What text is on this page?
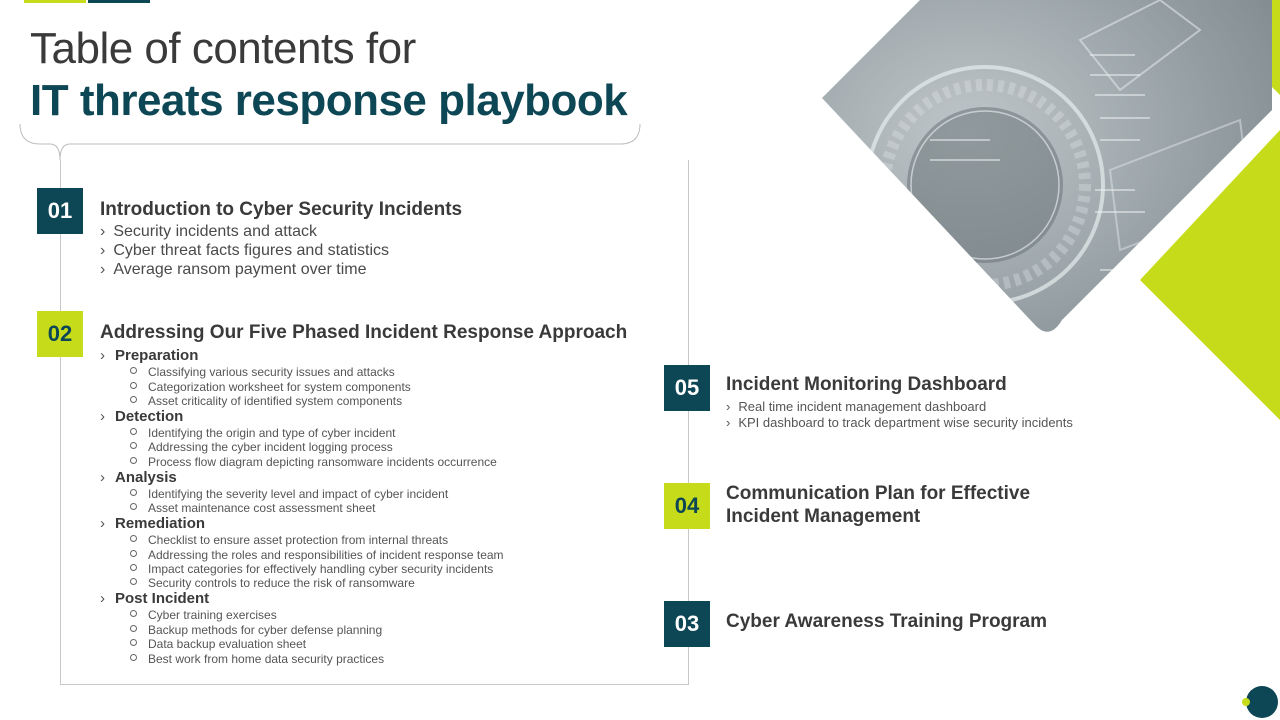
Table of contents for
IT threats response playbook
01	Introduction to Cyber Security Incidents
› Security incidents and attack
› Cyber threat facts figures and statistics
› Average ransom payment over time
02	Addressing Our Five Phased Incident Response Approach
› Preparation
Classifying various security issues and attacks
Categorization worksheet for system components
Asset criticality of identified system components
› Detection
Identifying the origin and type of cyber incident
Addressing the cyber incident logging process
Process flow diagram depicting ransomware incidents occurrence
› Analysis
Identifying the severity level and impact of cyber incident
Asset maintenance cost assessment sheet
› Remediation
Checklist to ensure asset protection from internal threats
Addressing the roles and responsibilities of incident response team
Impact categories for effectively handling cyber security incidents
Security controls to reduce the risk of ransomware
› Post Incident
Cyber training exercises
Backup methods for cyber defense planning
Data backup evaluation sheet
Best work from home data security practices
05	Incident Monitoring Dashboard
› Real time incident management dashboard
› KPI dashboard to track department wise security incidents
04	Communication Plan for Effective Incident Management
03	Cyber Awareness Training Program
